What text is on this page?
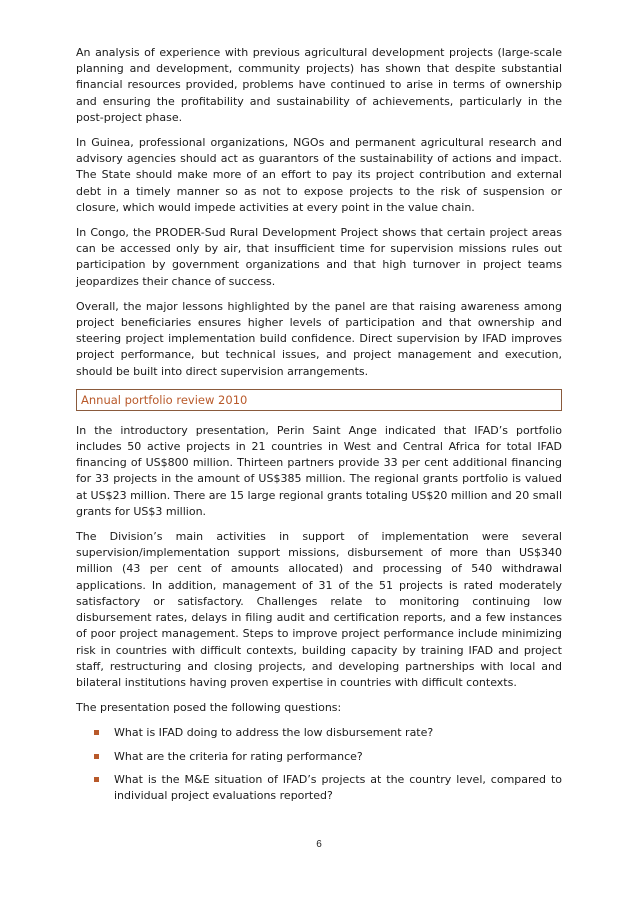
An analysis of experience with previous agricultural development projects (large-scale planning and development, community projects) has shown that despite substantial financial resources provided, problems have continued to arise in terms of ownership and ensuring the profitability and sustainability of achievements, particularly in the post-project phase.

In Guinea, professional organizations, NGOs and permanent agricultural research and advisory agencies should act as guarantors of the sustainability of actions and impact. The State should make more of an effort to pay its project contribution and external debt in a timely manner so as not to expose projects to the risk of suspension or closure, which would impede activities at every point in the value chain.

In Congo, the PRODER-Sud Rural Development Project shows that certain project areas can be accessed only by air, that insufficient time for supervision missions rules out participation by government organizations and that high turnover in project teams jeopardizes their chance of success.

Overall, the major lessons highlighted by the panel are that raising awareness among project beneficiaries ensures higher levels of participation and that ownership and steering project implementation build confidence. Direct supervision by IFAD improves project performance, but technical issues, and project management and execution, should be built into direct supervision arrangements.

Annual portfolio review 2010

In the introductory presentation, Perin Saint Ange indicated that IFAD’s portfolio includes 50 active projects in 21 countries in West and Central Africa for total IFAD financing of US$800 million. Thirteen partners provide 33 per cent additional financing for 33 projects in the amount of US$385 million. The regional grants portfolio is valued at US$23 million. There are 15 large regional grants totaling US$20 million and 20 small grants for US$3 million.

The Division’s main activities in support of implementation were several supervision/implementation support missions, disbursement of more than US$340 million (43 per cent of amounts allocated) and processing of 540 withdrawal applications. In addition, management of 31 of the 51 projects is rated moderately satisfactory or satisfactory. Challenges relate to monitoring continuing low disbursement rates, delays in filing audit and certification reports, and a few instances of poor project management. Steps to improve project performance include minimizing risk in countries with difficult contexts, building capacity by training IFAD and project staff, restructuring and closing projects, and developing partnerships with local and bilateral institutions having proven expertise in countries with difficult contexts.

The presentation posed the following questions:

What is IFAD doing to address the low disbursement rate?
What are the criteria for rating performance?
What is the M&E situation of IFAD’s projects at the country level, compared to individual project evaluations reported?
6
